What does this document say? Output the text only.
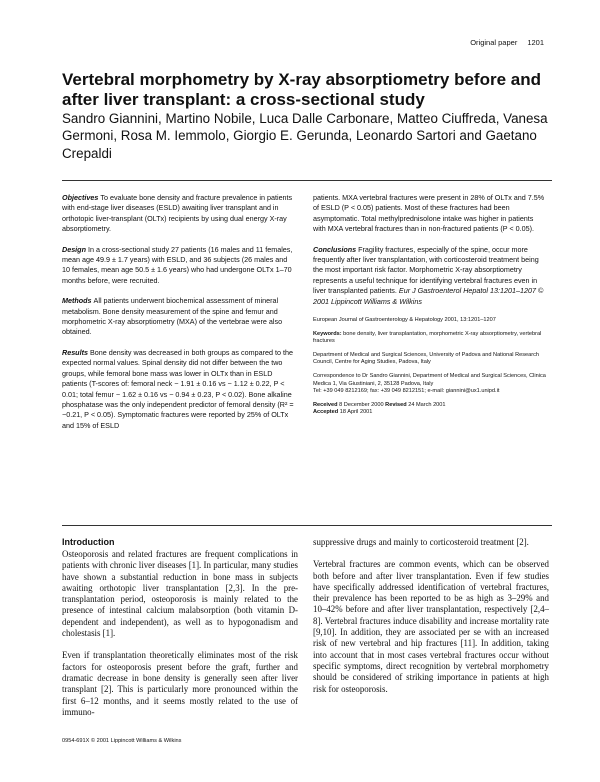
Original paper 1201
Vertebral morphometry by X-ray absorptiometry before and after liver transplant: a cross-sectional study
Sandro Giannini, Martino Nobile, Luca Dalle Carbonare, Matteo Ciuffreda, Vanesa Germoni, Rosa M. Iemmolo, Giorgio E. Gerunda, Leonardo Sartori and Gaetano Crepaldi

Objectives To evaluate bone density and fracture prevalence in patients with end-stage liver diseases (ESLD) awaiting liver transplant and in orthotopic liver-transplant (OLTx) recipients by using dual energy X-ray absorptiometry.

Design In a cross-sectional study 27 patients (16 males and 11 females, mean age 49.9 ± 1.7 years) with ESLD, and 36 subjects (26 males and 10 females, mean age 50.5 ± 1.6 years) who had undergone OLTx 1–70 months before, were recruited.

Methods All patients underwent biochemical assessment of mineral metabolism. Bone density measurement of the spine and femur and morphometric X-ray absorptiometry (MXA) of the vertebrae were also obtained.

Results Bone density was decreased in both groups as compared to the expected normal values. Spinal density did not differ between the two groups, while femoral bone mass was lower in OLTx than in ESLD patients (T-scores of: femoral neck − 1.91 ± 0.16 vs − 1.12 ± 0.22, P < 0.01; total femur − 1.62 ± 0.16 vs − 0.94 ± 0.23, P < 0.02). Bone alkaline phosphatase was the only independent predictor of femoral density (R² = −0.21, P < 0.05). Symptomatic fractures were reported by 25% of OLTx and 15% of ESLD

patients. MXA vertebral fractures were present in 28% of OLTx and 7.5% of ESLD (P < 0.05) patients. Most of these fractures had been asymptomatic. Total methylprednisolone intake was higher in patients with MXA vertebral fractures than in non-fractured patients (P < 0.05).

Conclusions Fragility fractures, especially of the spine, occur more frequently after liver transplantation, with corticosteroid treatment being the most important risk factor. Morphometric X-ray absorptiometry represents a useful technique for identifying vertebral fractures even in liver transplanted patients. Eur J Gastroenterol Hepatol 13:1201–1207 © 2001 Lippincott Williams & Wilkins

European Journal of Gastroenterology & Hepatology 2001, 13:1201–1207

Keywords: bone density, liver transplantation, morphometric X-ray absorptiometry, vertebral fractures

Department of Medical and Surgical Sciences, University of Padova and National Research Council, Centre for Aging Studies, Padova, Italy

Correspondence to Dr Sandro Giannini, Department of Medical and Surgical Sciences, Clinica Medica 1, Via Giustiniani, 2, 35128 Padova, Italy
Tel: +39 049 8212169; fax: +39 049 8212151; e-mail: giannini@ux1.unipd.it

Received 8 December 2000 Revised 24 March 2001
Accepted 18 April 2001

Introduction

Osteoporosis and related fractures are frequent complications in patients with chronic liver diseases [1]. In particular, many studies have shown a substantial reduction in bone mass in subjects awaiting orthotopic liver transplantation [2,3]. In the pre-transplantation period, osteoporosis is mainly related to the presence of intestinal calcium malabsorption (both vitamin D-dependent and independent), as well as to hypogonadism and cholestasis [1].

Even if transplantation theoretically eliminates most of the risk factors for osteoporosis present before the graft, further and dramatic decrease in bone density is generally seen after liver transplant [2]. This is particularly more pronounced within the first 6–12 months, and it seems mostly related to the use of immuno-

suppressive drugs and mainly to corticosteroid treatment [2].

Vertebral fractures are common events, which can be observed both before and after liver transplantation. Even if few studies have specifically addressed identification of vertebral fractures, their prevalence has been reported to be as high as 3–29% and 10–42% before and after liver transplantation, respectively [2,4–8]. Vertebral fractures induce disability and increase mortality rate [9,10]. In addition, they are associated per se with an increased risk of new vertebral and hip fractures [11]. In addition, taking into account that in most cases vertebral fractures occur without specific symptoms, direct recognition by vertebral morphometry should be considered of striking importance in patients at high risk for osteoporosis.

0954-691X © 2001 Lippincott Williams & Wilkins
